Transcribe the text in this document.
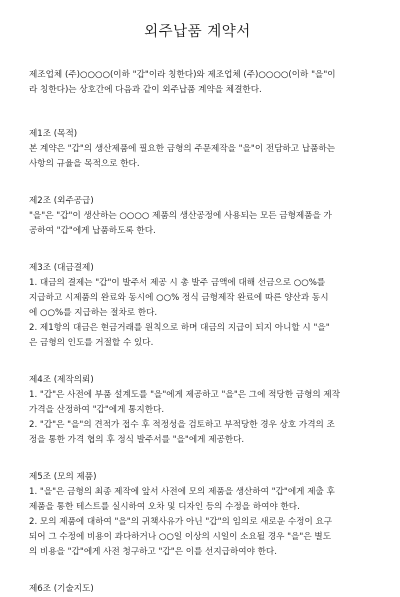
외주납품 계약서
제조업체 (주)○○○○(이하 "갑"이라 칭한다)와 제조업체 (주)○○○○(이하 "을"이
라 칭한다)는 상호간에 다음과 같이 외주납품 계약을 체결한다.
제1조 (목적)
본 계약은 "갑"의 생산제품에 필요한 금형의 주문제작을 "을"이 전담하고 납품하는
사항의 규율을 목적으로 한다.
제2조 (외주공급)
"을"은 "갑"이 생산하는 ○○○○ 제품의 생산공정에 사용되는 모든 금형제품을 가
공하여 "갑"에게 납품하도록 한다.
제3조 (대금결제)
1. 대금의 결제는 "갑"이 발주서 제공 시 총 발주 금액에 대해 선금으로 ○○%를
지급하고 시제품의 완료와 동시에 ○○% 정식 금형제작 완료에 따른 양산과 동시
에 ○○%를 지급하는 절차로 한다.
2. 제1항의 대금은 현금거래를 원칙으로 하며 대금의 지급이 되지 아니할 시 "을"
은 금형의 인도를 거절할 수 있다.
제4조 (제작의뢰)
1. "갑"은 사전에 부품 설계도를 "을"에게 제공하고 "을"은 그에 적당한 금형의 제작
가격을 산정하여 "갑"에게 통지한다.
2. "갑"은 "을"의 견적가 접수 후 적정성을 검토하고 부적당한 경우 상호 가격의 조
정을 통한 가격 협의 후 정식 발주서를 "을"에게 제공한다.
제5조 (모의 제품)
1. "을"은 금형의 최종 제작에 앞서 사전에 모의 제품을 생산하여 "갑"에게 제출 후
제품을 통한 테스트를 실시하여 오차 및 디자인 등의 수정을 하여야 한다.
2. 모의 제품에 대하여 "을"의 귀책사유가 아닌 "갑"의 임의로 새로운 수정이 요구
되어 그 수정에 비용이 과다하거나 ○○일 이상의 시일이 소요될 경우 "을"은 별도
의 비용을 "갑"에게 사전 청구하고 "갑"은 이를 선지급하여야 한다.
제6조 (기술지도)
